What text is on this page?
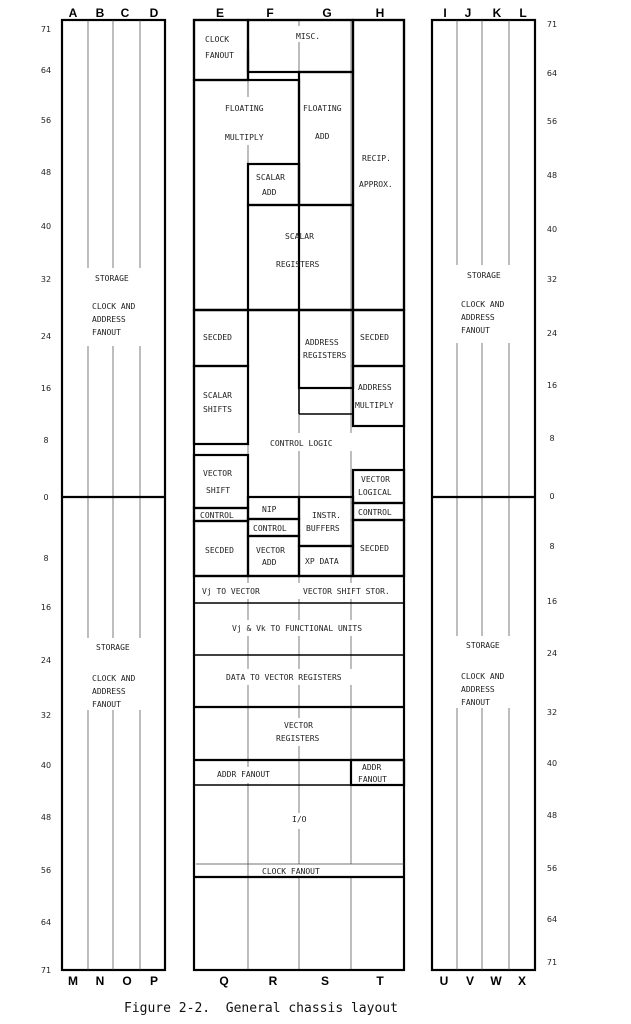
A B C D	E	F	G	H	I J K L
M N O P	Q	R	S	T	U V W X
71
64
56
48
40
32
24
16
8
0
8
16
24
32
40
48
56
64
71
71
64
56
48
40
32
24
16
8
0
8
16
24
32
40
48
56
64
71
STORAGE
CLOCK AND
ADDRESS
FANOUT
STORAGE
CLOCK AND
ADDRESS
FANOUT
STORAGE
CLOCK AND
ADDRESS
FANOUT
STORAGE
CLOCK AND
ADDRESS
FANOUT
CLOCK
FANOUT
MISC.
FLOATING
MULTIPLY
FLOATING
ADD
RECIP.
APPROX.
SCALAR
ADD
SCALAR
REGISTERS
SECDED
ADDRESS
REGISTERS
SECDED
SCALAR
SHIFTS
ADDRESS
MULTIPLY
CONTROL LOGIC
VECTOR
SHIFT
VECTOR
LOGICAL
NIP
CONTROL
CONTROL
CONTROL
INSTR.
BUFFERS
SECDED	VECTOR
ADD	XP DATA
SECDED
Vj TO VECTOR	VECTOR SHIFT STOR.
Vj & Vk TO FUNCTIONAL UNITS
DATA TO VECTOR REGISTERS
VECTOR
REGISTERS
ADDR FANOUT
ADDR
FANOUT
I/O
CLOCK FANOUT
Figure 2-2.  General chassis layout
